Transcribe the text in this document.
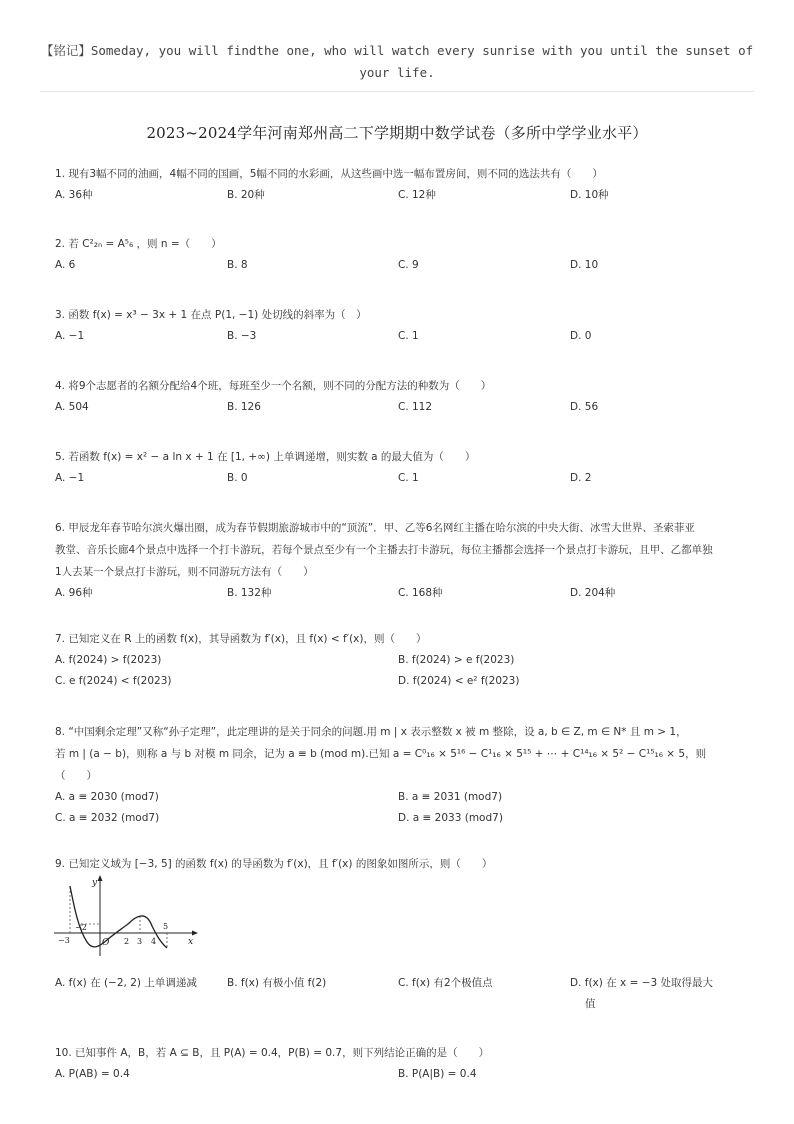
【铭记】Someday, you will findthe one, who will watch every sunrise with you until the sunset of your life.
2023~2024学年河南郑州高二下学期期中数学试卷（多所中学学业水平）
1. 现有3幅不同的油画，4幅不同的国画，5幅不同的水彩画，从这些画中选一幅布置房间，则不同的选法共有（　　）
A. 36种	B. 20种	C. 12种	D. 10种
2. 若 C²₂ₙ = A⁵₆ ，则 n =（　　）
A. 6	B. 8	C. 9	D. 10
3. 函数 f(x) = x³ − 3x + 1 在点 P(1, −1) 处切线的斜率为（　）
A. −1	B. −3	C. 1	D. 0
4. 将9个志愿者的名额分配给4个班，每班至少一个名额，则不同的分配方法的种数为（　　）
A. 504	B. 126	C. 112	D. 56
5. 若函数 f(x) = x² − a ln x + 1 在 [1, +∞) 上单调递增，则实数 a 的最大值为（　　）
A. −1	B. 0	C. 1	D. 2
6. 甲辰龙年春节哈尔滨火爆出圈，成为春节假期旅游城市中的“顶流”．甲、乙等6名网红主播在哈尔滨的中央大街、冰雪大世界、圣索菲亚
教堂、音乐长廊4个景点中选择一个打卡游玩，若每个景点至少有一个主播去打卡游玩，每位主播都会选择一个景点打卡游玩，且甲、乙都单独
1人去某一个景点打卡游玩，则不同游玩方法有（　　）
A. 96种	B. 132种	C. 168种	D. 204种
7. 已知定义在 R 上的函数 f(x)，其导函数为 f′(x)，且 f(x) < f′(x)，则（　　）
A. f(2024) > f(2023)	B. f(2024) > e f(2023)
C. e f(2024) < f(2023)	D. f(2024) < e² f(2023)
8. “中国剩余定理”又称“孙子定理”，此定理讲的是关于同余的问题.用 m | x 表示整数 x 被 m 整除，设 a, b ∈ Z, m ∈ N* 且 m > 1，
若 m | (a − b)，则称 a 与 b 对模 m 同余，记为 a ≡ b (mod m).已知 a = C⁰₁₆ × 5¹⁶ − C¹₁₆ × 5¹⁵ + ⋯ + C¹⁴₁₆ × 5² − C¹⁵₁₆ × 5，则
（　　）
A. a ≡ 2030 (mod7)	B. a ≡ 2031 (mod7)
C. a ≡ 2032 (mod7)	D. a ≡ 2033 (mod7)
9. 已知定义域为 [−3, 5] 的函数 f(x) 的导函数为 f′(x)，且 f′(x) 的图象如图所示，则（　　）
y
x
O
−3
−2
2 3 4
5
A. f(x) 在 (−2, 2) 上单调递减	B. f(x) 有极小值 f(2)	C. f(x) 有2个极值点	D. f(x) 在 x = −3 处取得最大
值
10. 已知事件 A，B，若 A ⊆ B，且 P(A) = 0.4，P(B) = 0.7，则下列结论正确的是（　　）
A. P(AB) = 0.4	B. P(A|B) = 0.4
